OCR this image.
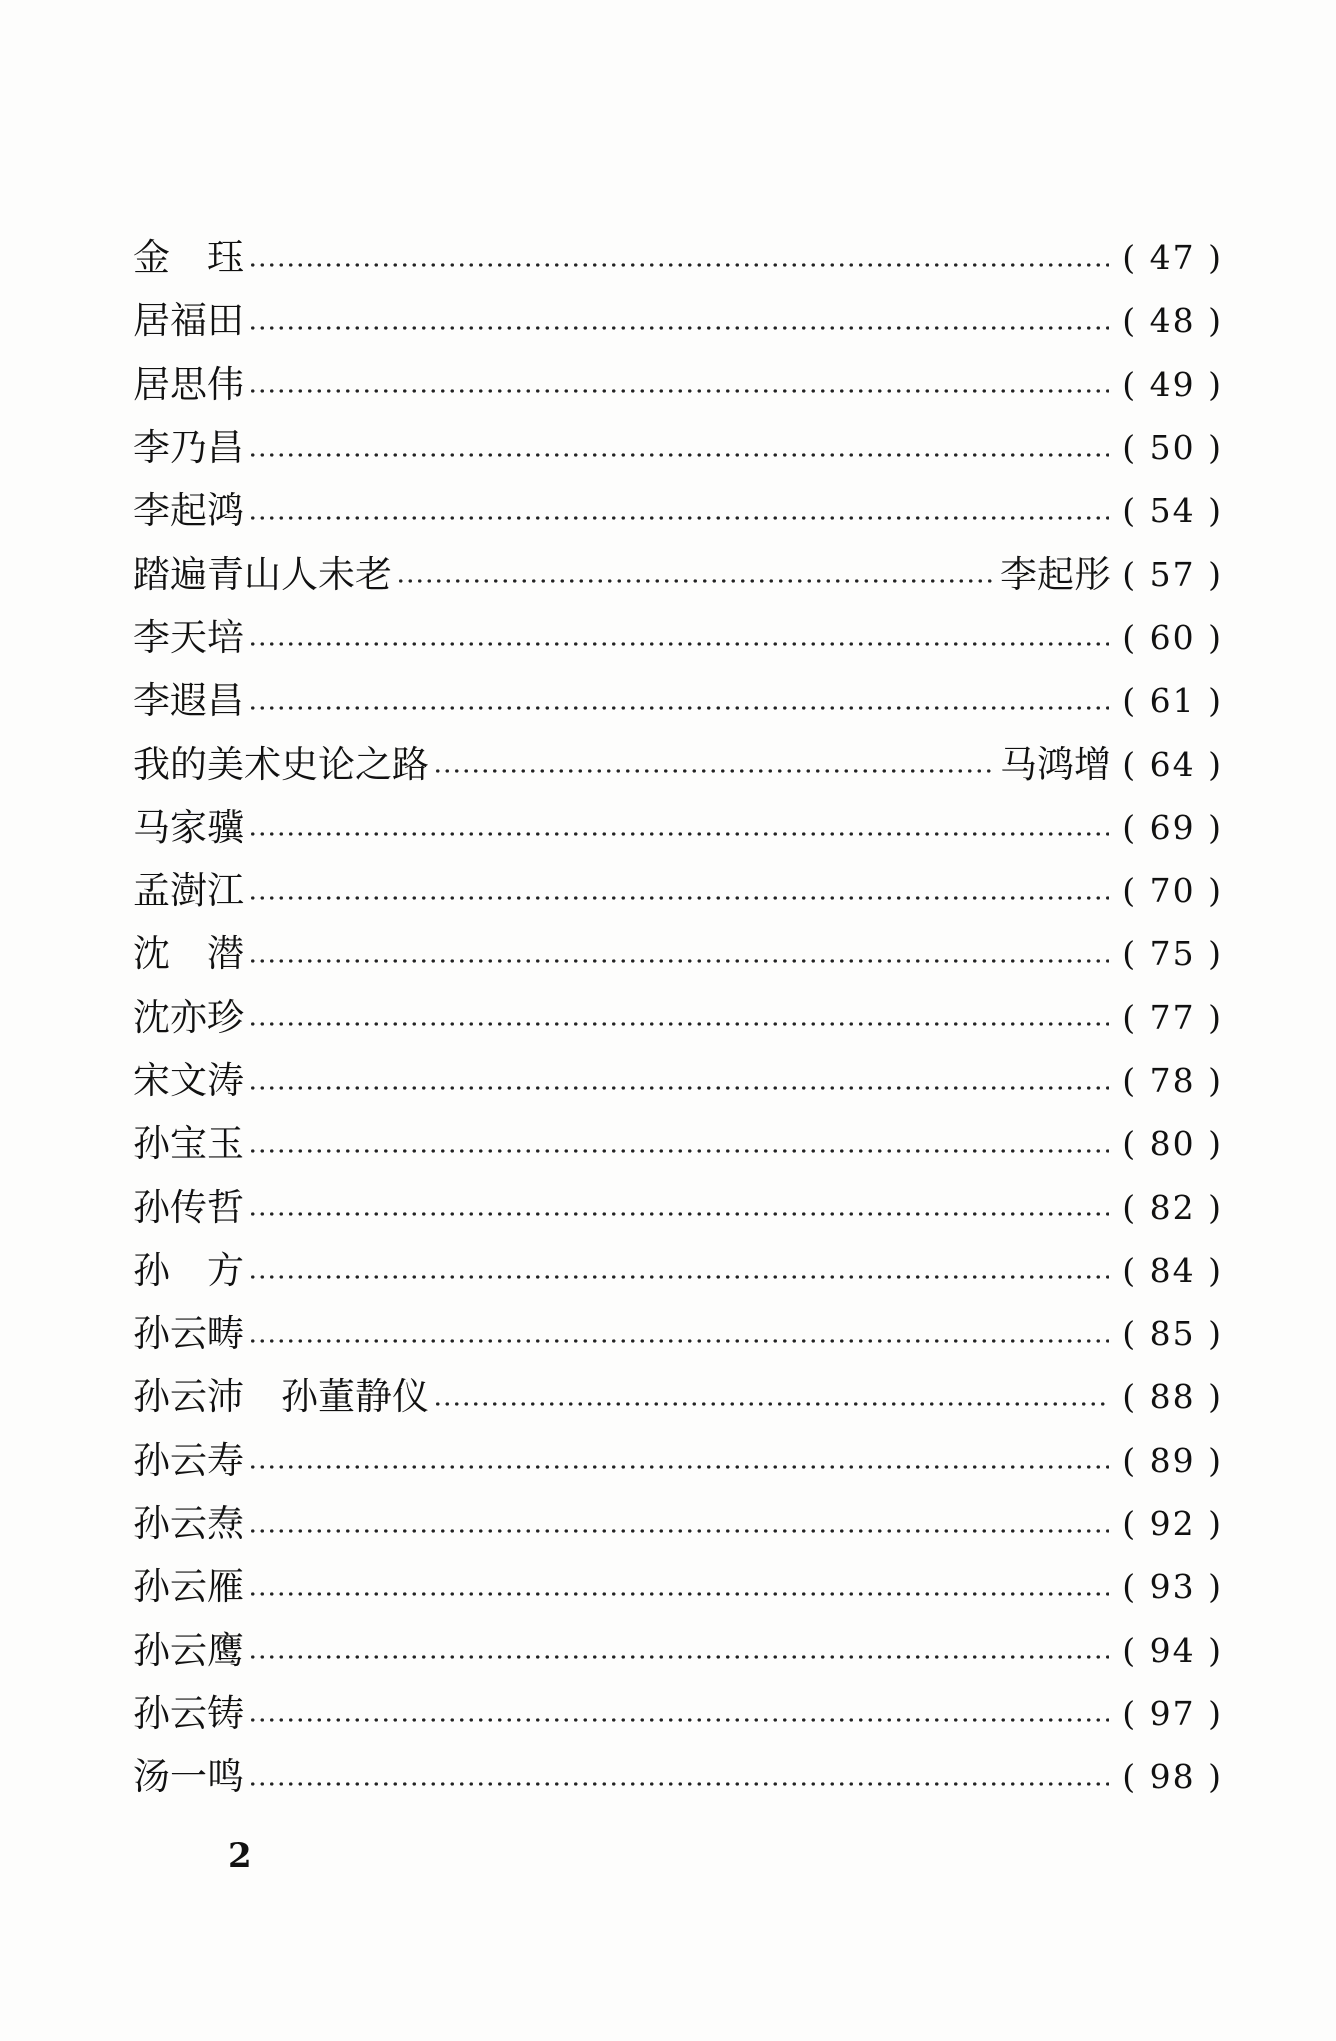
金　珏	( 47 )
居福田	( 48 )
居思伟	( 49 )
李乃昌	( 50 )
李起鸿	( 54 )
踏遍青山人未老	李起彤 ( 57 )
李天培	( 60 )
李遐昌	( 61 )
我的美术史论之路	马鸿增 ( 64 )
马家骥	( 69 )
孟澍江	( 70 )
沈　潜	( 75 )
沈亦珍	( 77 )
宋文涛	( 78 )
孙宝玉	( 80 )
孙传哲	( 82 )
孙　方	( 84 )
孙云畴	( 85 )
孙云沛　孙董静仪	( 88 )
孙云寿	( 89 )
孙云焘	( 92 )
孙云雁	( 93 )
孙云鹰	( 94 )
孙云铸	( 97 )
汤一鸣	( 98 )
2
